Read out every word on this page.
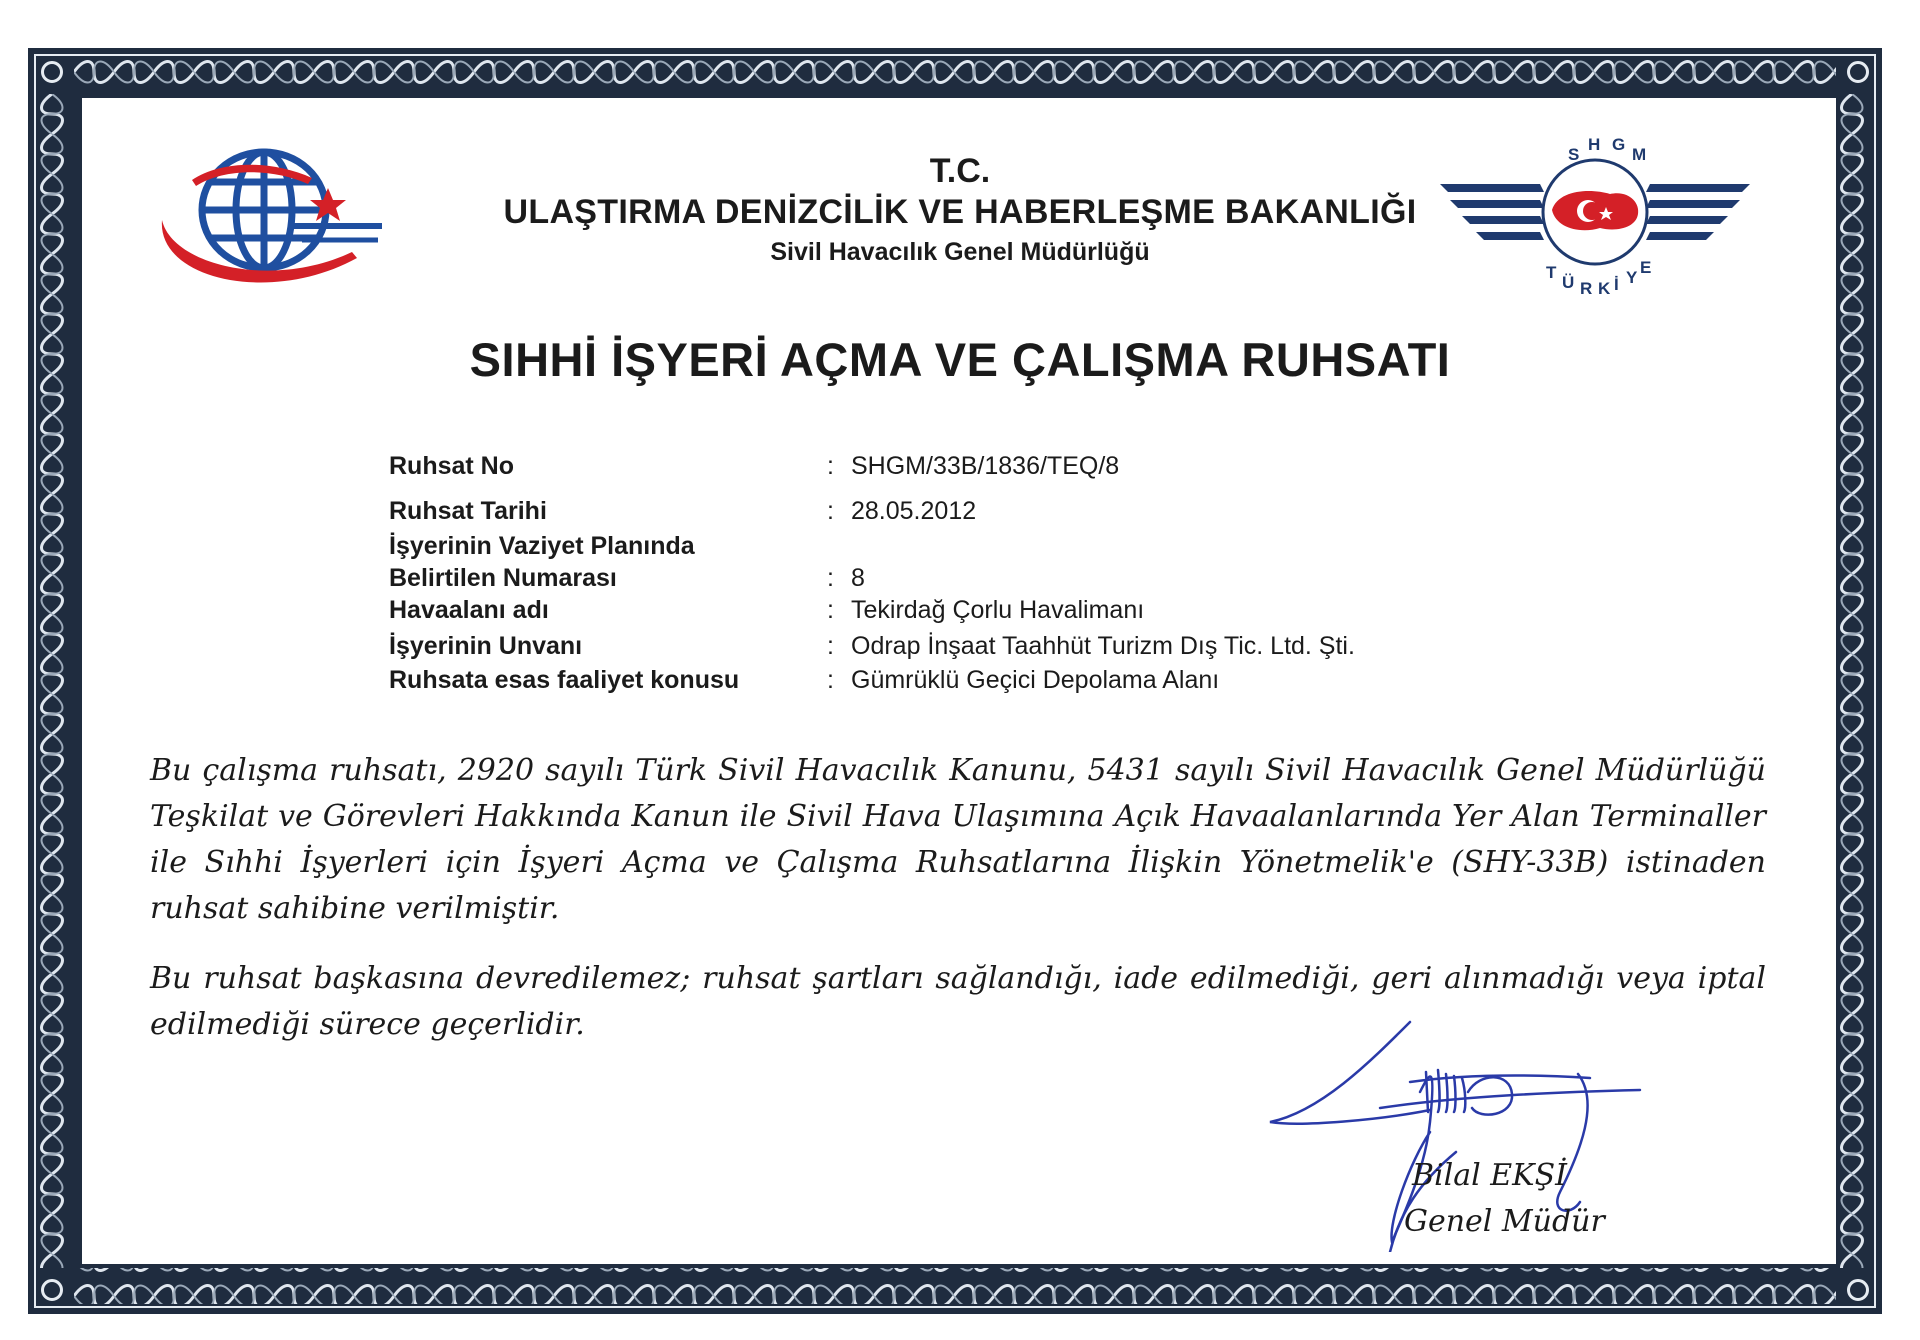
S
H G
M
T
Ü R K İ Y
E
T.C.
ULAŞTIRMA DENİZCİLİK VE HABERLEŞME BAKANLIĞI
Sivil Havacılık Genel Müdürlüğü
SIHHİ İŞYERİ AÇMA VE ÇALIŞMA RUHSATI
Ruhsat No	: SHGM/33B/1836/TEQ/8
Ruhsat Tarihi	: 28.05.2012
İşyerinin Vaziyet Planında
Belirtilen Numarası	: 8
Havaalanı adı	: Tekirdağ Çorlu Havalimanı
İşyerinin Unvanı	: Odrap İnşaat Taahhüt Turizm Dış Tic. Ltd. Şti.
Ruhsata esas faaliyet konusu	: Gümrüklü Geçici Depolama Alanı
Bu çalışma ruhsatı, 2920 sayılı Türk Sivil Havacılık Kanunu, 5431 sayılı Sivil Havacılık Genel Müdürlüğü Teşkilat ve Görevleri Hakkında Kanun ile Sivil Hava Ulaşımına Açık Havaalanlarında Yer Alan Terminaller ile Sıhhi İşyerleri için İşyeri Açma ve Çalışma Ruhsatlarına İlişkin Yönetmelik'e (SHY-33B) istinaden ruhsat sahibine verilmiştir.
Bu ruhsat başkasına devredilemez; ruhsat şartları sağlandığı, iade edilmediği, geri alınmadığı veya iptal edilmediği sürece geçerlidir.
Bilal EKŞİ
Genel Müdür
